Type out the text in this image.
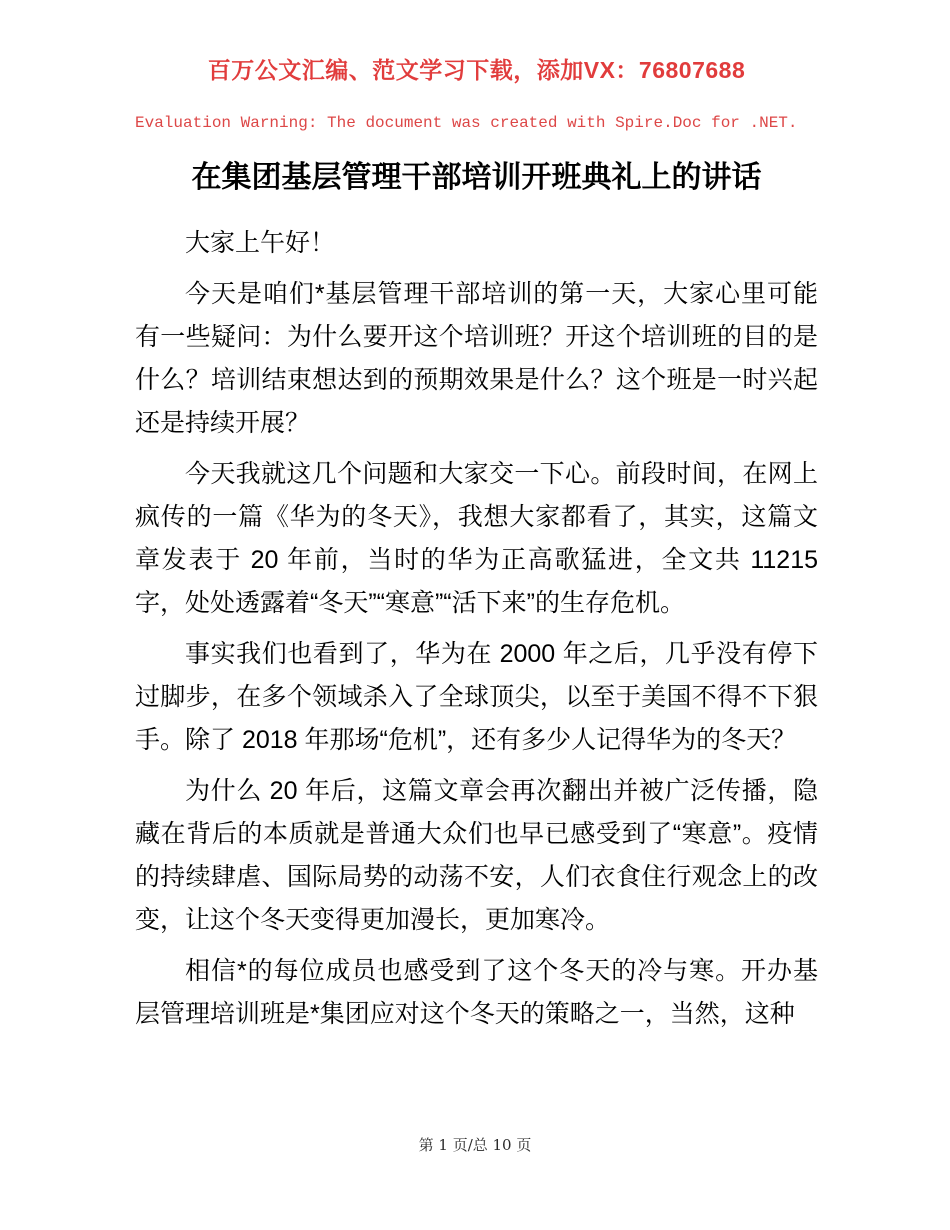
百万公文汇编、范文学习下载，添加VX：76807688
Evaluation Warning: The document was created with Spire.Doc for .NET.
在集团基层管理干部培训开班典礼上的讲话

大家上午好！

今天是咱们*基层管理干部培训的第一天，大家心里可能有一些疑问：为什么要开这个培训班？开这个培训班的目的是什么？培训结束想达到的预期效果是什么？这个班是一时兴起还是持续开展？

今天我就这几个问题和大家交一下心。前段时间，在网上疯传的一篇《华为的冬天》，我想大家都看了，其实，这篇文章发表于 20 年前，当时的华为正高歌猛进，全文共 11215 字，处处透露着“冬天”“寒意”“活下来”的生存危机。

事实我们也看到了，华为在 2000 年之后，几乎没有停下过脚步，在多个领域杀入了全球顶尖，以至于美国不得不下狠手。除了 2018 年那场“危机”，还有多少人记得华为的冬天？

为什么 20 年后，这篇文章会再次翻出并被广泛传播，隐藏在背后的本质就是普通大众们也早已感受到了“寒意”。疫情的持续肆虐、国际局势的动荡不安，人们衣食住行观念上的改变，让这个冬天变得更加漫长，更加寒冷。

相信*的每位成员也感受到了这个冬天的冷与寒。开办基层管理培训班是*集团应对这个冬天的策略之一，当然，这种

第 1 页/总 10 页
